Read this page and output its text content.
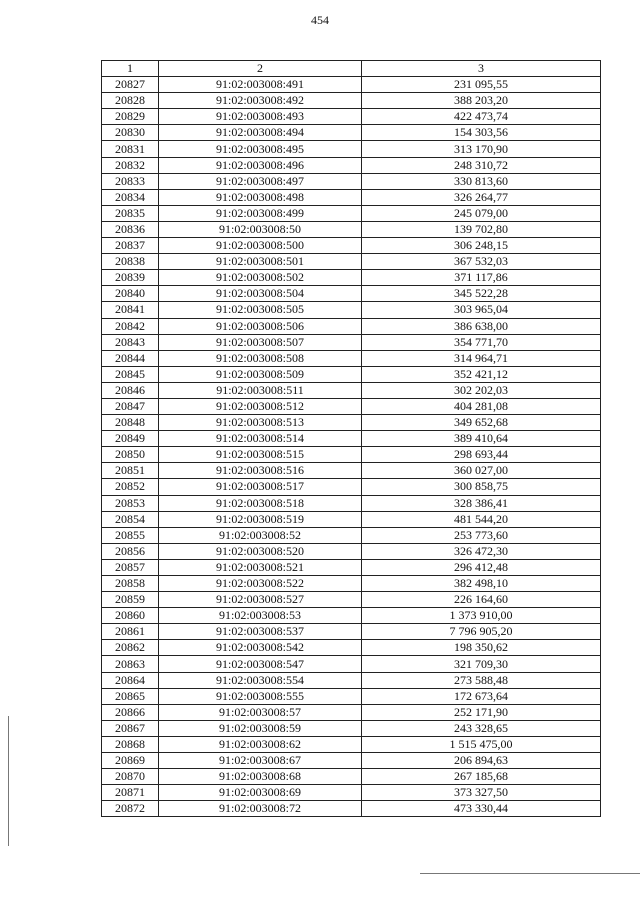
454
1	2	3
20827	91:02:003008:491	231 095,55
20828	91:02:003008:492	388 203,20
20829	91:02:003008:493	422 473,74
20830	91:02:003008:494	154 303,56
20831	91:02:003008:495	313 170,90
20832	91:02:003008:496	248 310,72
20833	91:02:003008:497	330 813,60
20834	91:02:003008:498	326 264,77
20835	91:02:003008:499	245 079,00
20836	91:02:003008:50	139 702,80
20837	91:02:003008:500	306 248,15
20838	91:02:003008:501	367 532,03
20839	91:02:003008:502	371 117,86
20840	91:02:003008:504	345 522,28
20841	91:02:003008:505	303 965,04
20842	91:02:003008:506	386 638,00
20843	91:02:003008:507	354 771,70
20844	91:02:003008:508	314 964,71
20845	91:02:003008:509	352 421,12
20846	91:02:003008:511	302 202,03
20847	91:02:003008:512	404 281,08
20848	91:02:003008:513	349 652,68
20849	91:02:003008:514	389 410,64
20850	91:02:003008:515	298 693,44
20851	91:02:003008:516	360 027,00
20852	91:02:003008:517	300 858,75
20853	91:02:003008:518	328 386,41
20854	91:02:003008:519	481 544,20
20855	91:02:003008:52	253 773,60
20856	91:02:003008:520	326 472,30
20857	91:02:003008:521	296 412,48
20858	91:02:003008:522	382 498,10
20859	91:02:003008:527	226 164,60
20860	91:02:003008:53	1 373 910,00
20861	91:02:003008:537	7 796 905,20
20862	91:02:003008:542	198 350,62
20863	91:02:003008:547	321 709,30
20864	91:02:003008:554	273 588,48
20865	91:02:003008:555	172 673,64
20866	91:02:003008:57	252 171,90
20867	91:02:003008:59	243 328,65
20868	91:02:003008:62	1 515 475,00
20869	91:02:003008:67	206 894,63
20870	91:02:003008:68	267 185,68
20871	91:02:003008:69	373 327,50
20872	91:02:003008:72	473 330,44
